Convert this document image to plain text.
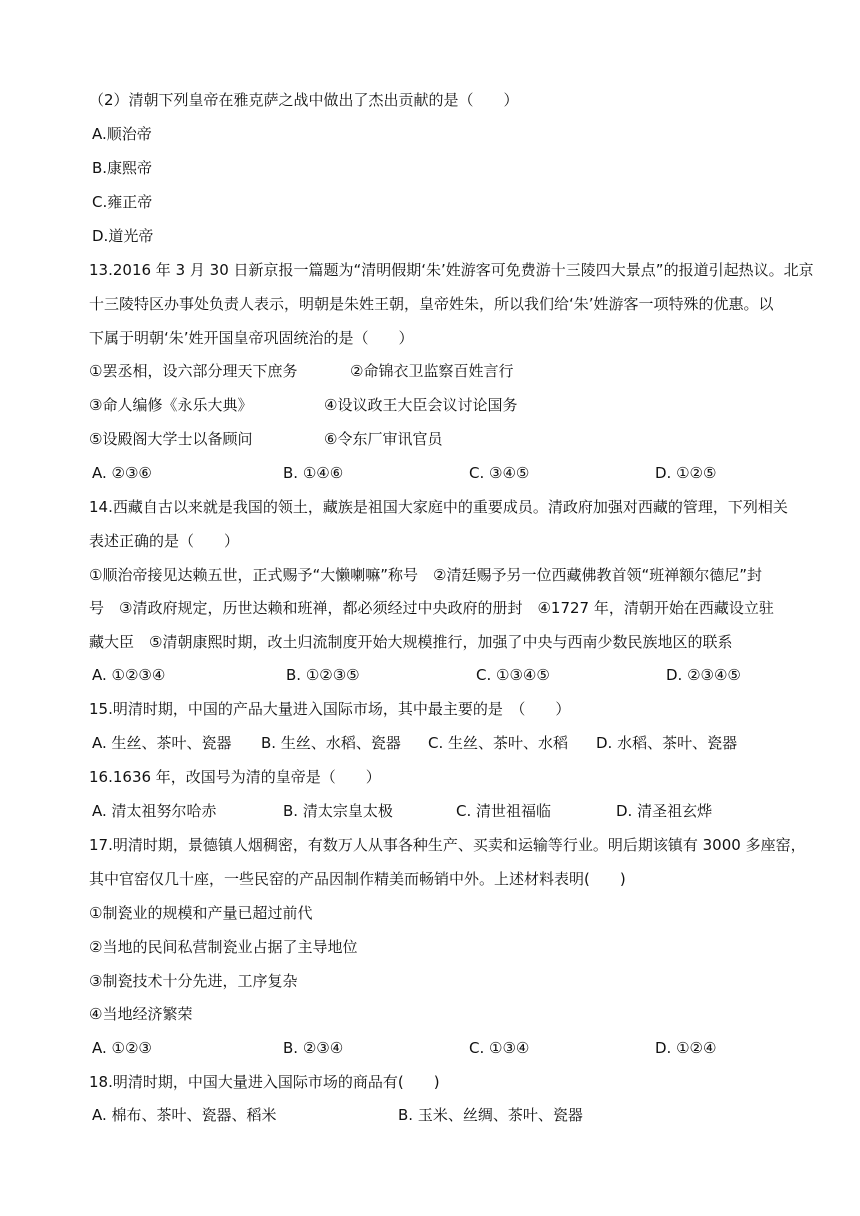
（2）清朝下列皇帝在雅克萨之战中做出了杰出贡献的是（　　）
A.顺治帝
B.康熙帝
C.雍正帝
D.道光帝
13.2016 年 3 月 30 日新京报一篇题为“清明假期‘朱’姓游客可免费游十三陵四大景点”的报道引起热议。北京
十三陵特区办事处负责人表示，明朝是朱姓王朝，皇帝姓朱，所以我们给‘朱’姓游客一项特殊的优惠。以
下属于明朝‘朱’姓开国皇帝巩固统治的是（　　）
①罢丞相，设六部分理天下庶务	②命锦衣卫监察百姓言行
③命人编修《永乐大典》	④设议政王大臣会议讨论国务
⑤设殿阁大学士以备顾问	⑥令东厂审讯官员
A. ②③⑥	B. ①④⑥	C. ③④⑤	D. ①②⑤
14.西藏自古以来就是我国的领土，藏族是祖国大家庭中的重要成员。清政府加强对西藏的管理，下列相关
表述正确的是（　　）
①顺治帝接见达赖五世，正式赐予“大懒喇嘛”称号　②清廷赐予另一位西藏佛教首领“班禅额尔德尼”封
号　③清政府规定，历世达赖和班禅，都必须经过中央政府的册封　④1727 年，清朝开始在西藏设立驻
藏大臣　⑤清朝康熙时期，改土归流制度开始大规模推行，加强了中央与西南少数民族地区的联系
A. ①②③④	B. ①②③⑤	C. ①③④⑤	D. ②③④⑤
15.明清时期，中国的产品大量进入国际市场，其中最主要的是　（　　）
A. 生丝、茶叶、瓷器 B. 生丝、水稻、瓷器 C. 生丝、茶叶、水稻 D. 水稻、茶叶、瓷器
16.1636 年，改国号为清的皇帝是（　　）
A. 清太祖努尔哈赤	B. 清太宗皇太极	C. 清世祖福临	D. 清圣祖玄烨
17.明清时期，景德镇人烟稠密，有数万人从事各种生产、买卖和运输等行业。明后期该镇有 3000 多座窑，
其中官窑仅几十座，一些民窑的产品因制作精美而畅销中外。上述材料表明(　　)
①制瓷业的规模和产量已超过前代
②当地的民间私营制瓷业占据了主导地位
③制瓷技术十分先进，工序复杂
④当地经济繁荣
A. ①②③	B. ②③④	C. ①③④	D. ①②④
18.明清时期，中国大量进入国际市场的商品有(　　)
A. 棉布、茶叶、瓷器、稻米	B. 玉米、丝绸、茶叶、瓷器
